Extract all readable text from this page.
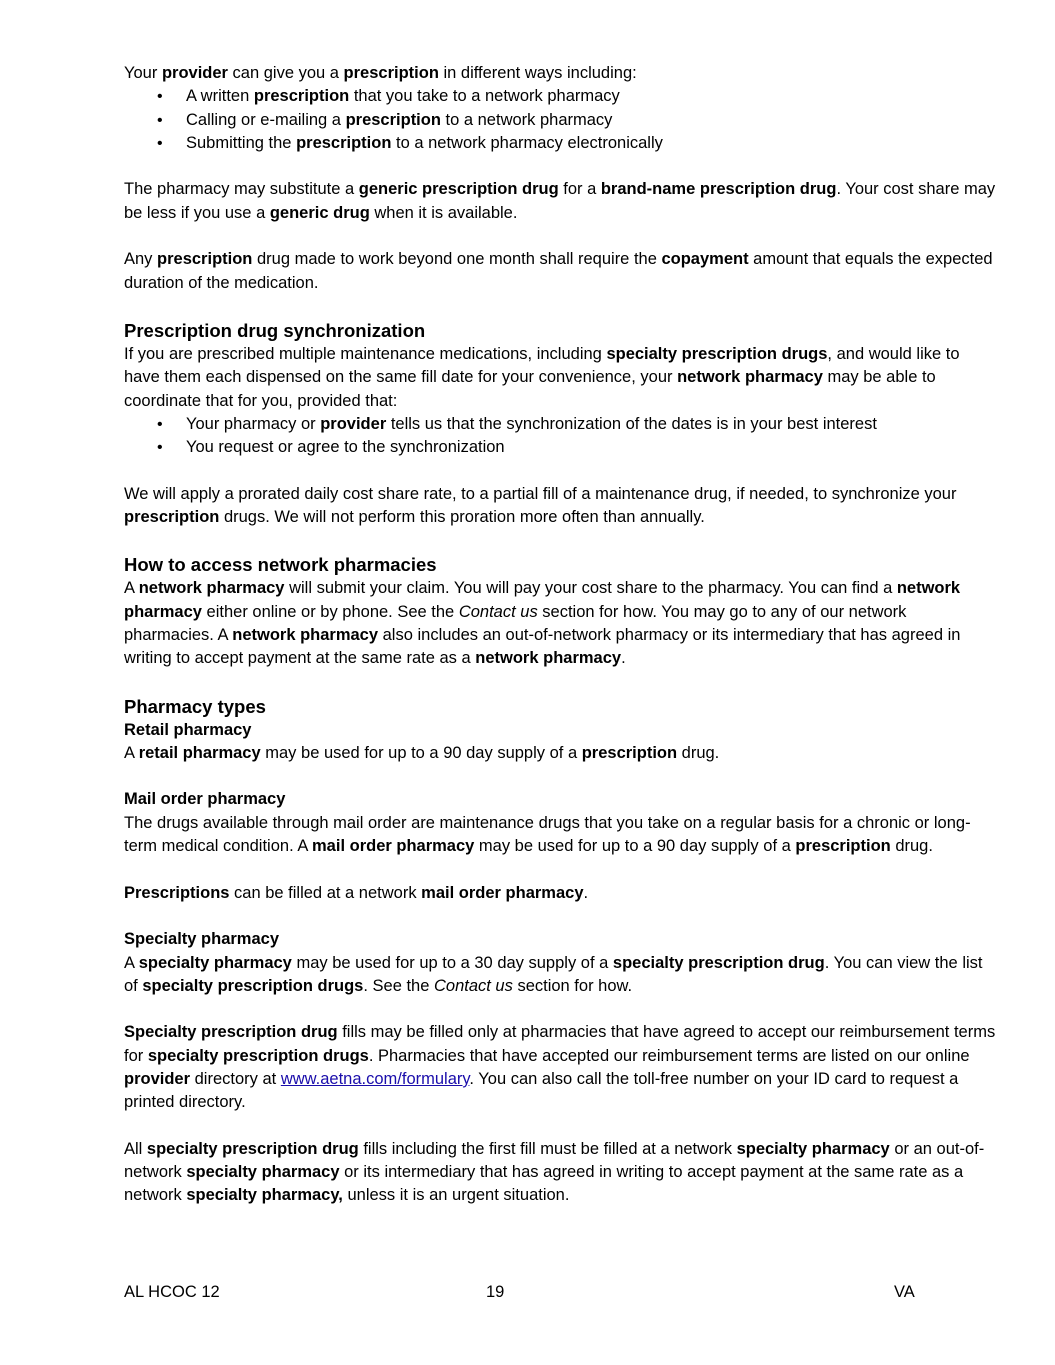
Your provider can give you a prescription in different ways including:

• A written prescription that you take to a network pharmacy
• Calling or e-mailing a prescription to a network pharmacy
• Submitting the prescription to a network pharmacy electronically

The pharmacy may substitute a generic prescription drug for a brand-name prescription drug. Your cost share may be less if you use a generic drug when it is available.

Any prescription drug made to work beyond one month shall require the copayment amount that equals the expected duration of the medication.

Prescription drug synchronization

If you are prescribed multiple maintenance medications, including specialty prescription drugs, and would like to have them each dispensed on the same fill date for your convenience, your network pharmacy may be able to coordinate that for you, provided that:

• Your pharmacy or provider tells us that the synchronization of the dates is in your best interest
• You request or agree to the synchronization

We will apply a prorated daily cost share rate, to a partial fill of a maintenance drug, if needed, to synchronize your prescription drugs. We will not perform this proration more often than annually.

How to access network pharmacies

A network pharmacy will submit your claim. You will pay your cost share to the pharmacy. You can find a network pharmacy either online or by phone. See the Contact us section for how. You may go to any of our network pharmacies. A network pharmacy also includes an out-of-network pharmacy or its intermediary that has agreed in writing to accept payment at the same rate as a network pharmacy.

Pharmacy types

Retail pharmacy

A retail pharmacy may be used for up to a 90 day supply of a prescription drug.

Mail order pharmacy

The drugs available through mail order are maintenance drugs that you take on a regular basis for a chronic or long-term medical condition. A mail order pharmacy may be used for up to a 90 day supply of a prescription drug.

Prescriptions can be filled at a network mail order pharmacy.

Specialty pharmacy

A specialty pharmacy may be used for up to a 30 day supply of a specialty prescription drug. You can view the list of specialty prescription drugs. See the Contact us section for how.

Specialty prescription drug fills may be filled only at pharmacies that have agreed to accept our reimbursement terms for specialty prescription drugs. Pharmacies that have accepted our reimbursement terms are listed on our online provider directory at www.aetna.com/formulary. You can also call the toll-free number on your ID card to request a printed directory.

All specialty prescription drug fills including the first fill must be filled at a network specialty pharmacy or an out-of-network specialty pharmacy or its intermediary that has agreed in writing to accept payment at the same rate as a network specialty pharmacy, unless it is an urgent situation.

AL HCOC 12	19	VA
